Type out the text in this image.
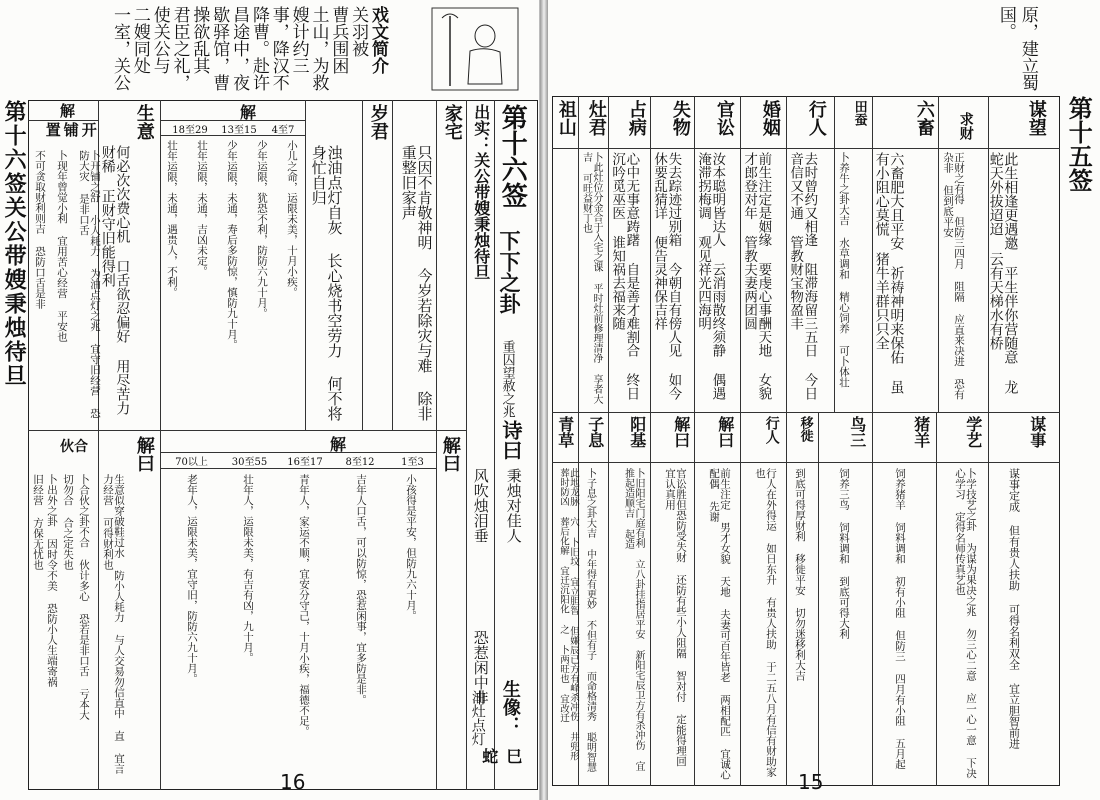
第十六签关公带嫂秉烛待旦
戏文简介
关羽被
曹兵围困
土山，为救
嫂计约三
事，降汉不
降曹。赴许
昌途中，夜
歇驿馆，曹
操欲乱其
君臣之礼，
使关公与
二嫂同处
一室，关公
第十六签
下下之卦
重囚望赦之兆
出实：关公带嫂秉烛待旦
诗曰
秉烛对佳人
风吹烛泪垂
恐惹闲中非
生像：
巳
蛇
油灶点灯
家宅
只因不肯敬神明 今岁若除灾与难 除非重整旧家声
岁君
浊油点灯自灰 长心烧书空劳力 何不将身忙自归
解
4至7
13至15
18至29
小儿之命，运限未美，十月小疾。
少年运限，犹恐不利，防防六九十月。
少年运限，未通，寿后多防惊，慎防九十月。
壮年运限，未通，吉凶未定。
壮年运限，未通，遇贵人，不利。
生意
何必次次费心机 口舌欲忍偏好 用尽苦力财稀 正财守旧能得利
解
开
铺
置
卜开铺之舒 小人耗力 为油点灯之兆 宜守旧经营 恐防大灾 是非口舌
卜现年曾觉小利 宜用苦心经营 平安也
不可贪取财利则吉 恐防口舌是非
解曰
解
1至3
8至12
16至17
30至55
70以上
小孩得是平安，但防九六十月。
吉年人口舌，可以防惊，恐惹闲事，宜多防是非。
青年人，家运不顺，宜安分守己，十月小疾，福德不足。
壮年人，运限未美，有吉有凶，九十月。
老年人，运限未美，宜守旧，防防六九十月。
解曰
生意似穿破鞋过水 防小人耗力 与人交易勿信直中 直 宜言力经营 可得财利也
伙合
卜合伙之卦不合 伙计多心 恐若是非口舌 亏本大
切勿合 合之定失也
卜出外之卦 因时令不美 恐防小人生端寄祸
旧经营 方保无忧也
16
原，建立蜀
国。
第十五签
谋望
此生相逢更遇邀 平生伴你营随意 龙蛇天外拔迢迢 云有天梯水有桥
求财
正财之有得 但防三四月 阻隔 应直来决进 恐有杂非 但到底平安
六畜
六畜肥大且平安 祈祷神明来保佑 虽有小阻心莫慌 猪牛羊群只只全
田蚕
卜养牛之卦大吉 水草调和 精心饲养 可卜体壮
行人
去时曾约又相逢 阻滞海留三五日 今日音信又不通 管教财宝物盈丰
婚姻
前生注定是姻缘 要虔心事酬天地 女貌才郎登对年 管教夫妻两团圆
官讼
汝本聪明皆达人 云消雨散终须静 偶遇淹滞拐梅调 观见祥光四海明
失物
失去踪迹过别箱 今朝自有傍人见 如今休要乱猜详 便告灵神保吉祥
占病
心中无事意踌躇 自是善才难割合 终日沉吟觅巫医 谁知祸去福来随
灶君
卜此灶位分金合于入宅之课 平时灶前修理清净 享者大吉 可旺益财丁也
祖山
谋事
谋事定成 但有贵人扶助 可得名利双全 宜立胆智前进
学艺
卜学技艺之卦 为谋为果决之兆 勿三心二意 应一心一意 下决心学习 定得名师传真艺也
猪羊
饲养猪羊 饲料调和 初有小阻 但防三 四月有小阻 五月起
鸟三
饲养三鸟 饲料调和 到底可得大利
移徙
到底可得厚财利 移徙平安 切勿迷移利大吉
行人
行人在外得运 如日东升 有贵人扶助 于二五八月有信有财助家也
解曰
前生注定 男才女貌 天地 夫妻可百年皆老 两相配匹 宜诚心配偶 先谢
解曰
官讼胜但恐防受失财 还防有些小人阻隔 智对付 定能得理回 宜认真用
阳基
卜旧阳宅门庭有利 立八卦挂指居平安 新阳宅辰卫方有杀冲伤 宜推起造顺吉 起造
子息
卜子息之卦大吉 中年得有更妙 不但有子 而命格清秀 聪明智慧
青草
此地龙脉 穴 卜旧坟 宜立胆智 但嫌辰已方有峰杀冲伤 井兜形 葬时防凶 葬后化解 宜迁沉阳化 之 卜两旺也 宜改迁
15
